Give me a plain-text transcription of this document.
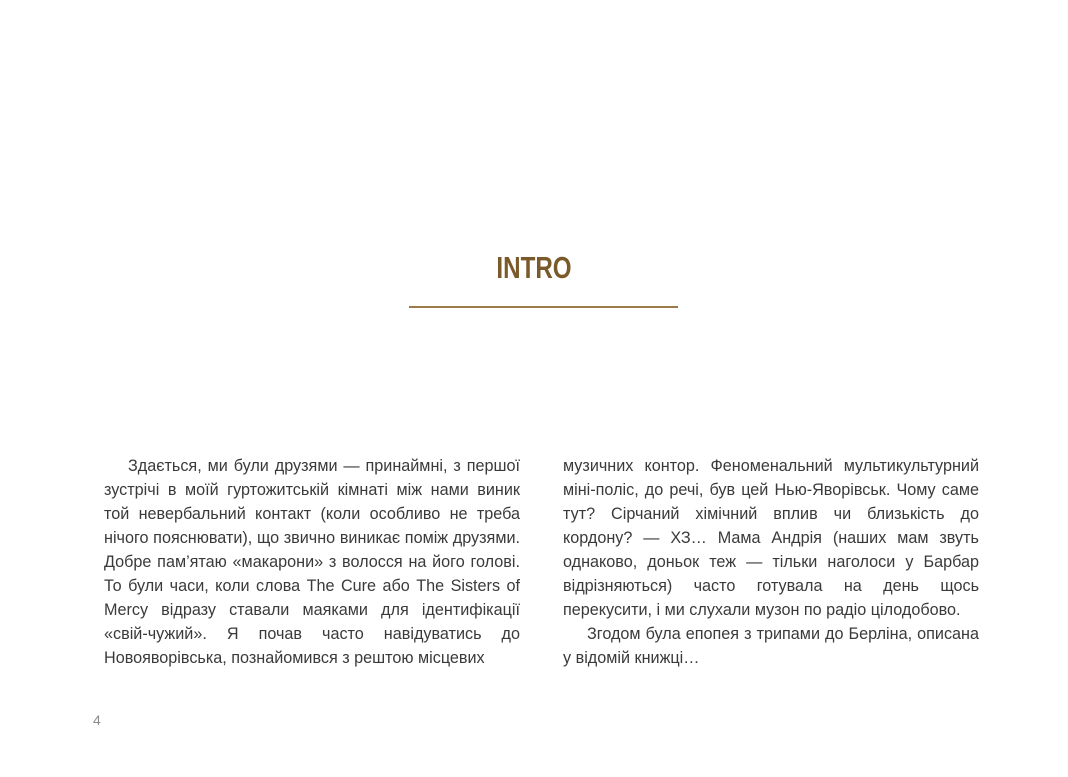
INTRO

Здається, ми були друзями — принаймні, з першої зустрічі в моїй гуртожитській кімнаті між нами виник той невербальний контакт (коли особливо не треба нічого пояснювати), що звично виникає поміж друзями. Добре пам’ятаю «макарони» з волосся на його голові. То були часи, коли слова The Cure або The Sisters of Mercy відразу ставали маяками для ідентифікації «свій-чужий». Я почав часто навідуватись до Новояворівська, познайомився з рештою місцевих

музичних контор. Феноменальний мультикультурний міні-поліс, до речі, був цей Нью-Яворівськ. Чому саме тут? Сірчаний хімічний вплив чи близькість до кордону? — ХЗ… Мама Андрія (наших мам звуть однаково, доньок теж — тільки наголоси у Барбар відрізняються) часто готувала на день щось перекусити, і ми слухали музон по радіо цілодобово.

Згодом була епопея з трипами до Берліна, описана у відомій книжці…

4
